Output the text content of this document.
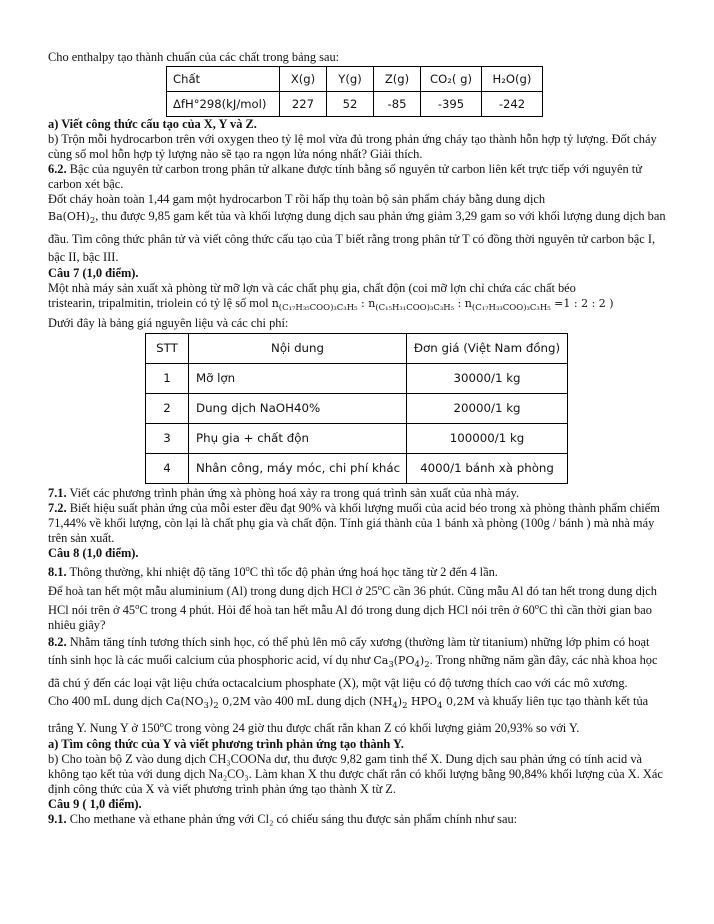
Cho enthalpy tạo thành chuẩn của các chất trong bảng sau:

Chất	X(g)	Y(g)	Z(g)	CO₂( g)	H₂O(g)
ΔfH°298(kJ/mol)	227	52	-85	-395	-242

a) Viết công thức cấu tạo của X, Y và Z.

b) Trộn mỗi hydrocarbon trên với oxygen theo tỷ lệ mol vừa đủ trong phản ứng cháy tạo thành hỗn hợp tỷ lượng. Đốt cháy cùng số mol hỗn hợp tỷ lượng nào sẽ tạo ra ngọn lửa nóng nhất? Giải thích.

6.2. Bậc của nguyên tử carbon trong phân tử alkane được tính bằng số nguyên tử carbon liên kết trực tiếp với nguyên tử carbon xét bậc.

Đốt cháy hoàn toàn 1,44 gam một hydrocarbon T rồi hấp thụ toàn bộ sản phẩm cháy bằng dung dịch

$Ba(OH)_2$, thu được 9,85 gam kết tủa và khối lượng dung dịch sau phản ứng giảm 3,29 gam so với khối lượng dung dịch ban đầu. Tìm công thức phân tử và viết công thức cấu tạo của T biết rằng trong phân tử T có đồng thời nguyên tử carbon bậc I, bậc II, bậc III.

Câu 7 (1,0 điểm).

Một nhà máy sản xuất xà phòng từ mỡ lợn và các chất phụ gia, chất độn (coi mỡ lợn chỉ chứa các chất béo

tristearin, tripalmitin, triolein có tỷ lệ số mol $n_{(C_{17}H_{35}COO)_3C_3H_5}$ : $n_{(C_{15}H_{31}COO)_3C_3H_5}$ : $n_{(C_{17}H_{33}COO)_3C_3H_5} =1$ : 2 : 2 )

Dưới đây là bảng giá nguyên liệu và các chi phí:

STT	Nội dung	Đơn giá (Việt Nam đồng)
1	Mỡ lợn	30000/1 kg
2	Dung dịch NaOH40%	20000/1 kg
3	Phụ gia + chất độn	100000/1 kg
4	Nhân công, máy móc, chi phí khác	4000/1 bánh xà phòng

7.1. Viết các phương trình phản ứng xà phòng hoá xảy ra trong quá trình sản xuất của nhà máy.

7.2. Biết hiệu suất phản ứng của mỗi ester đều đạt 90% và khối lượng muối của acid béo trong xà phòng thành phẩm chiếm 71,44% về khối lượng, còn lại là chất phụ gia và chất độn. Tính giá thành của 1 bánh xà phòng (100g / bánh ) mà nhà máy trên sản xuất.

Câu 8 (1,0 điểm).

8.1. Thông thường, khi nhiệt độ tăng 10$^o$C thì tốc độ phản ứng hoá học tăng từ 2 đến 4 lần.

Để hoà tan hết một mẫu aluminium (Al) trong dung dịch HCl ở 25$^o$C cần 36 phút. Cũng mẫu Al đó tan hết trong dung dịch HCl nói trên ở 45$^o$C trong 4 phút. Hỏi để hoà tan hết mẫu Al đó trong dung dịch HCl nói trên ở 60$^o$C thì cần thời gian bao nhiêu giây?

8.2. Nhằm tăng tính tương thích sinh học, có thể phủ lên mô cấy xương (thường làm từ titanium) những lớp phim có hoạt tính sinh học là các muối calcium của phosphoric acid, ví dụ như $Ca_3(PO_4)_2$. Trong những năm gần đây, các nhà khoa học đã chú ý đến các loại vật liệu chứa octacalcium phosphate (X), một vật liệu có độ tương thích cao với các mô xương.

Cho 400 mL dung dịch $Ca(NO_3)_2$ 0,2M vào 400 mL dung dịch $(NH_4)_2$ $HPO_4$ 0,2M và khuấy liên tục tạo thành kết tủa trắng Y. Nung Y ở 150$^o$C trong vòng 24 giờ thu được chất rắn khan Z có khối lượng giảm 20,93% so với Y.

a) Tìm công thức của Y và viết phương trình phản ứng tạo thành Y.

b) Cho toàn bộ Z vào dung dịch CH₃COONa dư, thu được 9,82 gam tinh thể X. Dung dịch sau phản ứng có tính acid và không tạo kết tủa với dung dịch Na₂CO₃. Làm khan X thu được chất rắn có khối lượng bằng 90,84% khối lượng của X. Xác định công thức của X và viết phương trình phản ứng tạo thành X từ Z.

Câu 9 ( 1,0 điểm).

9.1. Cho methane và ethane phản ứng với Cl₂ có chiếu sáng thu được sản phẩm chính như sau:
